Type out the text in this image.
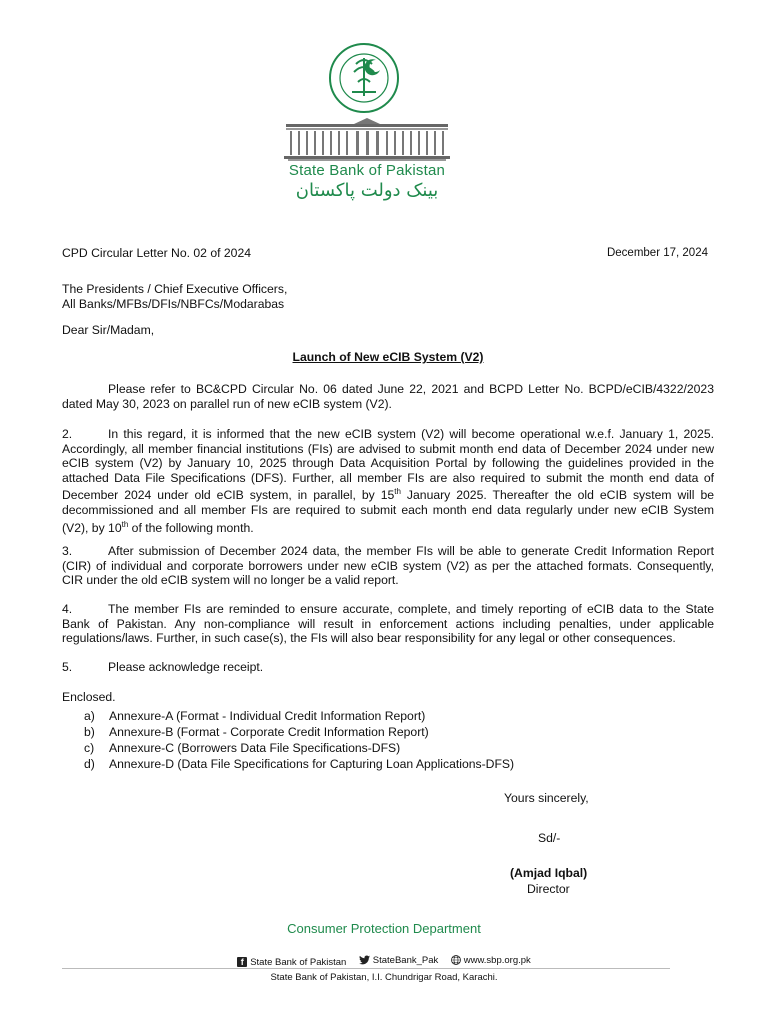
State Bank of Pakistan
بینک دولت پاکستان
CPD Circular Letter No. 02 of 2024	December 17, 2024
The Presidents / Chief Executive Officers,
All Banks/MFBs/DFIs/NBFCs/Modarabas
Dear Sir/Madam,
Launch of New eCIB System (V2)
Please refer to BC&CPD Circular No. 06 dated June 22, 2021 and BCPD Letter No. BCPD/eCIB/4322/2023 dated May 30, 2023 on parallel run of new eCIB system (V2).
2.	In this regard, it is informed that the new eCIB system (V2) will become operational w.e.f. January 1, 2025. Accordingly, all member financial institutions (FIs) are advised to submit month end data of December 2024 under new eCIB system (V2) by January 10, 2025 through Data Acquisition Portal by following the guidelines provided in the attached Data File Specifications (DFS). Further, all member FIs are also required to submit the month end data of December 2024 under old eCIB system, in parallel, by 15th January 2025. Thereafter the old eCIB system will be decommissioned and all member FIs are required to submit each month end data regularly under new eCIB System (V2), by 10th of the following month.
3.	After submission of December 2024 data, the member FIs will be able to generate Credit Information Report (CIR) of individual and corporate borrowers under new eCIB system (V2) as per the attached formats. Consequently, CIR under the old eCIB system will no longer be a valid report.
4.	The member FIs are reminded to ensure accurate, complete, and timely reporting of eCIB data to the State Bank of Pakistan. Any non-compliance will result in enforcement actions including penalties, under applicable regulations/laws. Further, in such case(s), the FIs will also bear responsibility for any legal or other consequences.
5.	Please acknowledge receipt.
Enclosed.
a) Annexure-A (Format - Individual Credit Information Report)
b) Annexure-B (Format - Corporate Credit Information Report)
c) Annexure-C (Borrowers Data File Specifications-DFS)
d) Annexure-D (Data File Specifications for Capturing Loan Applications-DFS)
Yours sincerely,
Sd/-
(Amjad Iqbal)
Director
Consumer Protection Department
f State Bank of Pakistan
	StateBank_Pak
	www.sbp.org.pk
State Bank of Pakistan, I.I. Chundrigar Road, Karachi.
